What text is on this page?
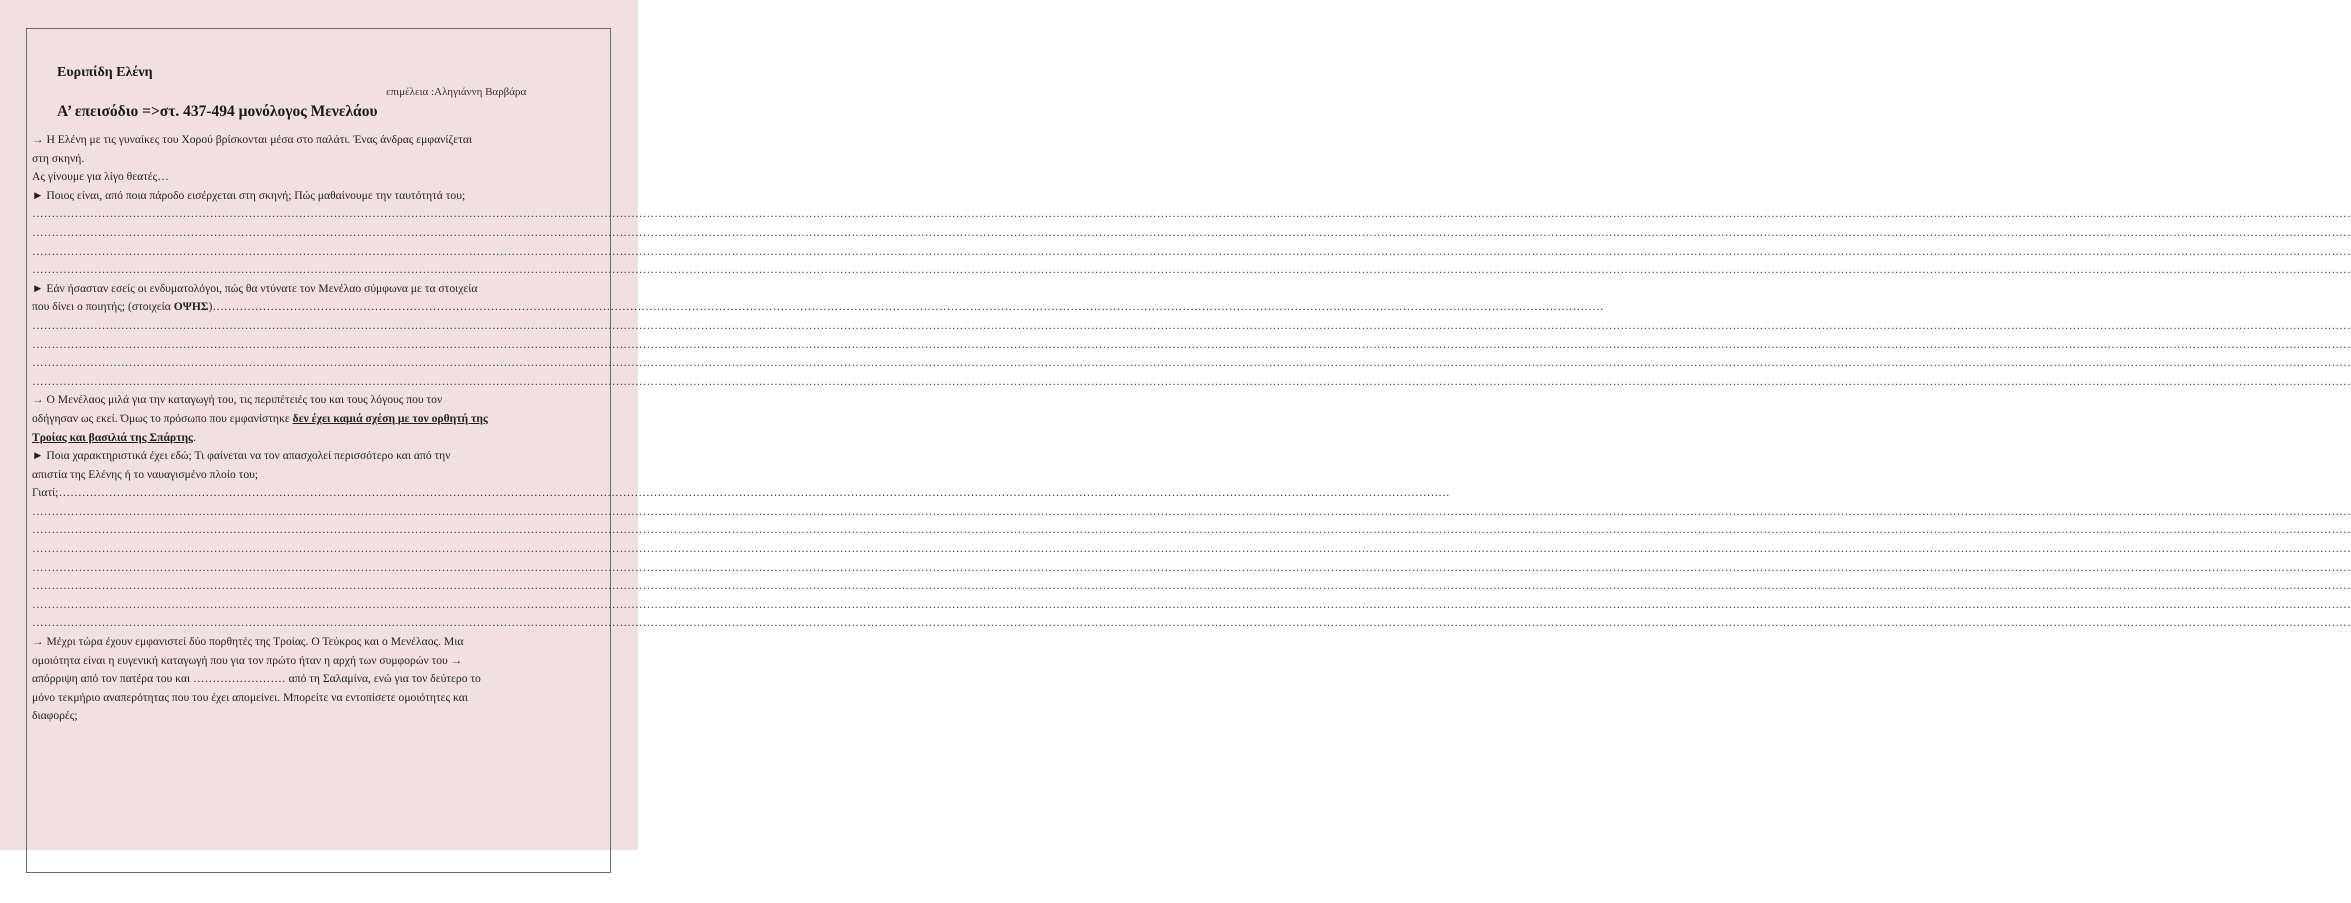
Ευριπίδη Ελένη
επιμέλεια :Αληγιάννη Βαρβάρα
Α’ επεισόδιο =>στ. 437-494 μονόλογος Μενελάου
→ Η Ελένη με τις γυναίκες του Χορού βρίσκονται μέσα στο παλάτι. Ένας άνδρας εμφανίζεται
στη σκηνή.
Ας γίνουμε για λίγο θεατές…
► Ποιος είναι, από ποια πάροδο εισέρχεται στη σκηνή; Πώς μαθαίνουμε την ταυτότητά του;
……………………………………………………………………………………………………………………………………………………………………………………………………………………………………………………………………………………………………………………………………………………………………………………………………………………………………………………………………………………………………………………………………………………
……………………………………………………………………………………………………………………………………………………………………………………………………………………………………………………………………………………………………………………………………………………………………………………………………………………………………………………………………………………………………………………………………………………
……………………………………………………………………………………………………………………………………………………………………………………………………………………………………………………………………………………………………………………………………………………………………………………………………………………………………………………………………………………………………………………………………………………
……………………………………………………………………………………………………………………………………………………………………………………………………………………………………………………………………………………………………………………………………………………………………………………………………………………………………………………………………………………………………………………………………………………
► Εάν ήσασταν εσείς οι ενδυματολόγοι, πώς θα ντύνατε τον Μενέλαο σύμφωνα με τα στοιχεία
που δίνει ο ποιητής; (στοιχεία ΟΨΗΣ)………………………………………………………………………………………………………………………………………………………………………………………………………………………………………………………………………………………………………………………………
……………………………………………………………………………………………………………………………………………………………………………………………………………………………………………………………………………………………………………………………………………………………………………………………………………………………………………………………………………………………………………………………………………………
……………………………………………………………………………………………………………………………………………………………………………………………………………………………………………………………………………………………………………………………………………………………………………………………………………………………………………………………………………………………………………………………………………………
……………………………………………………………………………………………………………………………………………………………………………………………………………………………………………………………………………………………………………………………………………………………………………………………………………………………………………………………………………………………………………………………………………………
……………………………………………………………………………………………………………………………………………………………………………………………………………………………………………………………………………………………………………………………………………………………………………………………………………………………………………………………………………………………………………………………………………………
→ Ο Μενέλαος μιλά για την καταγωγή του, τις περιπέτειές του και τους λόγους που τον
οδήγησαν ως εκεί. Όμως το πρόσωπο που εμφανίστηκε δεν έχει καμιά σχέση με τον ορθητή της
Τροίας και βασιλιά της Σπάρτης.
► Ποια χαρακτηριστικά έχει εδώ; Τι φαίνεται να τον απασχολεί περισσότερο και από την
απιστία της Ελένης ή το ναυαγισμένο πλοίο του;
Γιατί;………………………………………………………………………………………………………………………………………………………………………………………………………………………………………………………………………………………………………………………………
……………………………………………………………………………………………………………………………………………………………………………………………………………………………………………………………………………………………………………………………………………………………………………………………………………………………………………………………………………………………………………………………………………………
……………………………………………………………………………………………………………………………………………………………………………………………………………………………………………………………………………………………………………………………………………………………………………………………………………………………………………………………………………………………………………………………………………………
……………………………………………………………………………………………………………………………………………………………………………………………………………………………………………………………………………………………………………………………………………………………………………………………………………………………………………………………………………………………………………………………………………………
……………………………………………………………………………………………………………………………………………………………………………………………………………………………………………………………………………………………………………………………………………………………………………………………………………………………………………………………………………………………………………………………………………………
……………………………………………………………………………………………………………………………………………………………………………………………………………………………………………………………………………………………………………………………………………………………………………………………………………………………………………………………………………………………………………………………………………………
……………………………………………………………………………………………………………………………………………………………………………………………………………………………………………………………………………………………………………………………………………………………………………………………………………………………………………………………………………………………………………………………………………………
……………………………………………………………………………………………………………………………………………………………………………………………………………………………………………………………………………………………………………………………………………………………………………………………………………………………………………………………………………………………………………………………………………………
→ Μέχρι τώρα έχουν εμφανιστεί δύο πορθητές της Τροίας. Ο Τεύκρος και ο Μενέλαος. Μια
ομοιότητα είναι η ευγενική καταγωγή που για τον πρώτο ήταν η αρχή των συμφορών του →
απόρριψη από τον πατέρα του και …………………… από τη Σαλαμίνα, ενώ για τον δεύτερο το
μόνο τεκμήριο αναπερότητας που του έχει απομείνει. Μπορείτε να εντοπίσετε ομοιότητες και
διαφορές;
